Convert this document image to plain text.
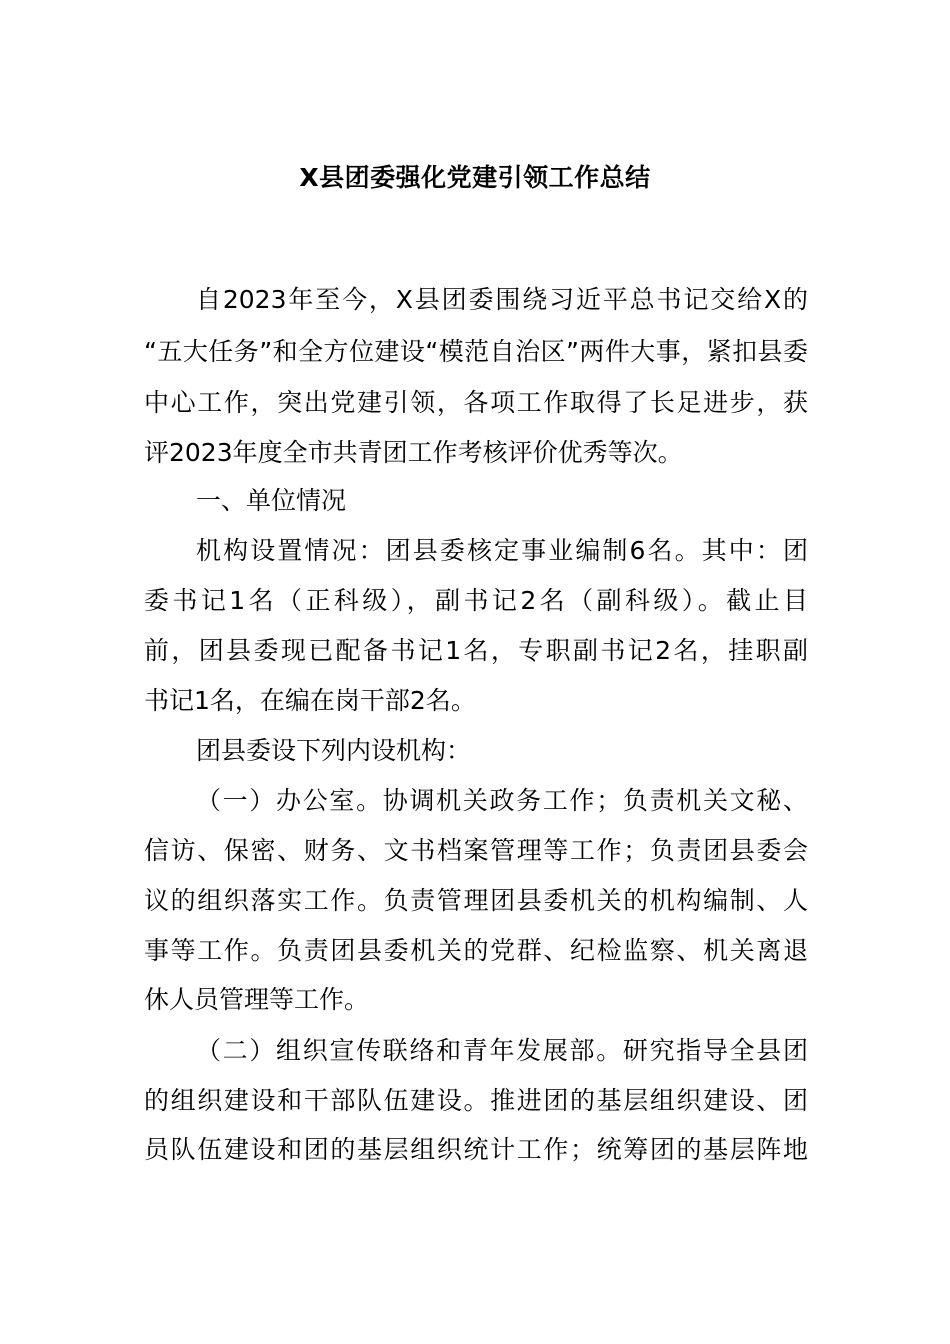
X县团委强化党建引领工作总结
自2023年至今，X县团委围绕习近平总书记交给X的
“五大任务”和全方位建设“模范自治区”两件大事，紧扣县委
中心工作，突出党建引领，各项工作取得了长足进步，获
评2023年度全市共青团工作考核评价优秀等次。
一、单位情况
机构设置情况：团县委核定事业编制6名。其中：团
委书记1名（正科级），副书记2名（副科级）。截止目
前，团县委现已配备书记1名，专职副书记2名，挂职副
书记1名，在编在岗干部2名。
团县委设下列内设机构：
（一）办公室。协调机关政务工作；负责机关文秘、
信访、保密、财务、文书档案管理等工作；负责团县委会
议的组织落实工作。负责管理团县委机关的机构编制、人
事等工作。负责团县委机关的党群、纪检监察、机关离退
休人员管理等工作。
（二）组织宣传联络和青年发展部。研究指导全县团
的组织建设和干部队伍建设。推进团的基层组织建设、团
员队伍建设和团的基层组织统计工作；统筹团的基层阵地
